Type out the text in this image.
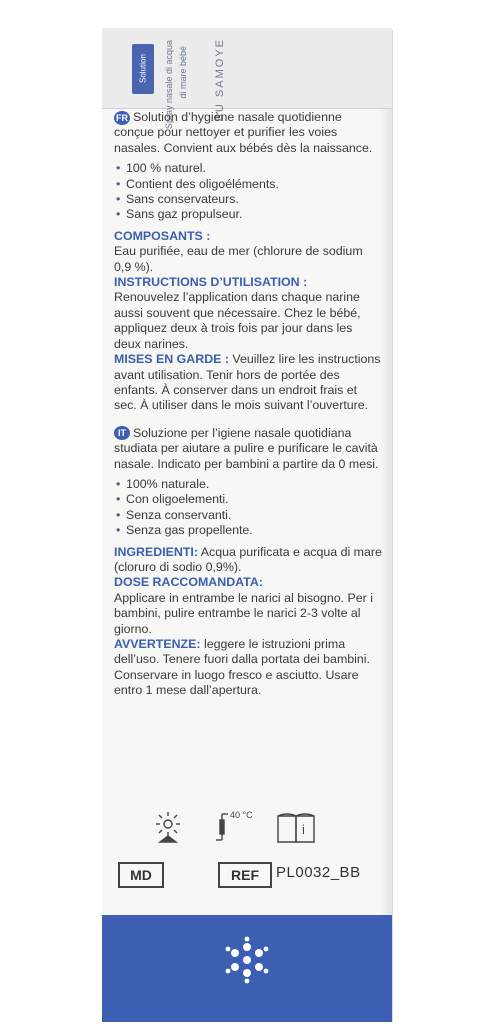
Solution	Spray nasale di acqua di mare bébé BU SAMOYE

FR Solution d’hygiène nasale quotidienne conçue pour nettoyer et purifier les voies nasales. Convient aux bébés dès la naissance.

• 100 % naturel.
• Contient des oligoéléments.
• Sans conservateurs.
• Sans gaz propulseur.
COMPOSANTS :
Eau purifiée, eau de mer (chlorure de sodium 0,9 %).
INSTRUCTIONS D’UTILISATION :
Renouvelez l’application dans chaque narine aussi souvent que nécessaire. Chez le bébé, appliquez deux à trois fois par jour dans les deux narines.
MISES EN GARDE : Veuillez lire les instructions avant utilisation. Tenir hors de portée des enfants. À conserver dans un endroit frais et sec. À utiliser dans le mois suivant l’ouverture.

IT Soluzione per l’igiene nasale quotidiana studiata per aiutare a pulire e purificare le cavità nasale. Indicato per bambini a partire da 0 mesi.

• 100% naturale.
• Con oligoelementi.
• Senza conservanti.
• Senza gas propellente.
INGREDIENTI: Acqua purificata e acqua di mare (cloruro di sodio 0,9%).
DOSE RACCOMANDATA:
Applicare in entrambe le narici al bisogno. Per i bambini, pulire entrambe le narici 2-3 volte al giorno.
AVVERTENZE: leggere le istruzioni prima dell’uso. Tenere fuori dalla portata dei bambini. Conservare in luogo fresco e asciutto. Usare entro 1 mese dall’apertura.
40 °C
i
MD	REF	PL0032_BB
